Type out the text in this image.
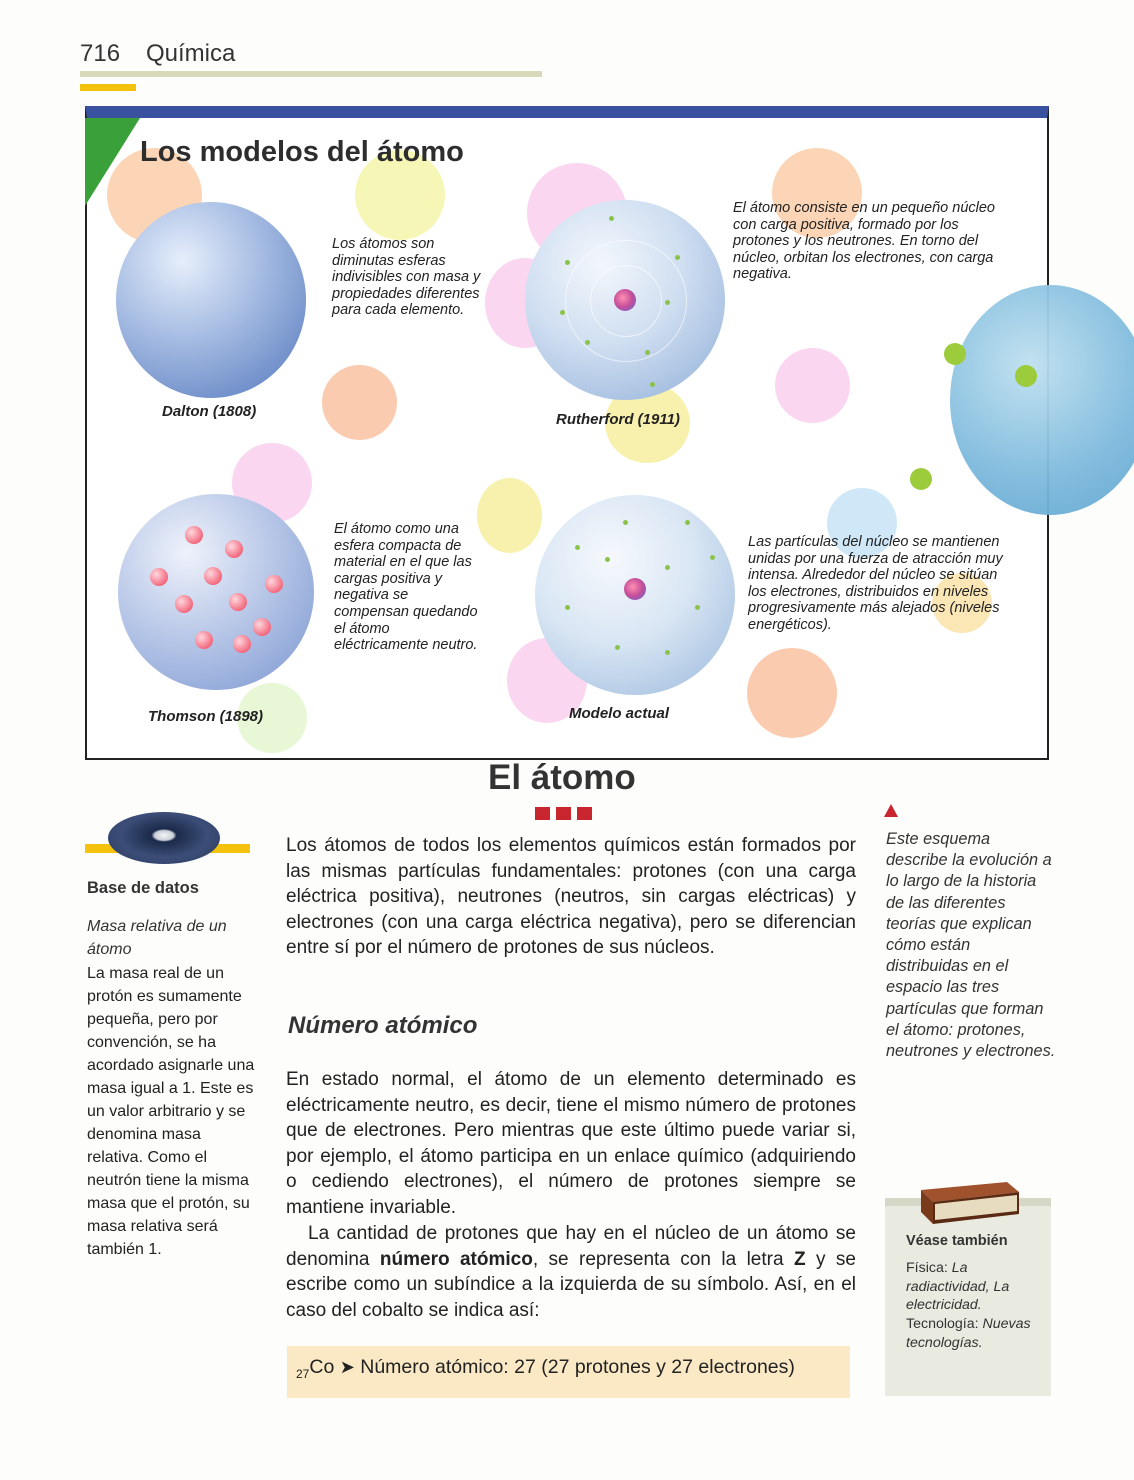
716 Química
Los modelos del átomo
Dalton (1808)
Los átomos son diminutas esferas indivisibles con masa y propiedades diferentes para cada elemento.
Rutherford (1911)
El átomo consiste en un pequeño núcleo con carga positiva, formado por los protones y los neutrones. En torno del núcleo, orbitan los electrones, con carga negativa.
Thomson (1898)
El átomo como una esfera compacta de material en el que las cargas positiva y negativa se compensan quedando el átomo eléctricamente neutro.
Modelo actual
Las partículas del núcleo se mantienen unidas por una fuerza de atracción muy intensa. Alrededor del núcleo se sitúan los electrones, distribuidos en niveles progresivamente más alejados (niveles energéticos).
El átomo
Base de datos
Masa relativa de un átomo
La masa real de un protón es sumamente pequeña, pero por convención, se ha acordado asignarle una masa igual a 1. Este es un valor arbitrario y se denomina masa relativa. Como el neutrón tiene la misma masa que el protón, su masa relativa será también 1.
Los átomos de todos los elementos químicos están formados por las mismas partículas fundamentales: protones (con una carga eléctrica positiva), neutrones (neutros, sin cargas eléctricas) y electrones (con una carga eléctrica negativa), pero se diferencian entre sí por el número de protones de sus núcleos.
Número atómico
En estado normal, el átomo de un elemento determinado es eléctricamente neutro, es decir, tiene el mismo número de protones que de electrones. Pero mientras que este último puede variar si, por ejemplo, el átomo participa en un enlace químico (adquiriendo o cediendo electrones), el número de protones siempre se mantiene invariable.
La cantidad de protones que hay en el núcleo de un átomo se denomina número atómico, se representa con la letra Z y se escribe como un subíndice a la izquierda de su símbolo. Así, en el caso del cobalto se indica así:
$_{27}$Co ➤ Número atómico: 27 (27 protones y 27 electrones)
Este esquema describe la evolución a lo largo de la historia de las diferentes teorías que explican cómo están distribuidas en el espacio las tres partículas que forman el átomo: protones, neutrones y electrones.
Véase también
Física: La radiactividad, La electricidad.
Tecnología: Nuevas tecnologías.
